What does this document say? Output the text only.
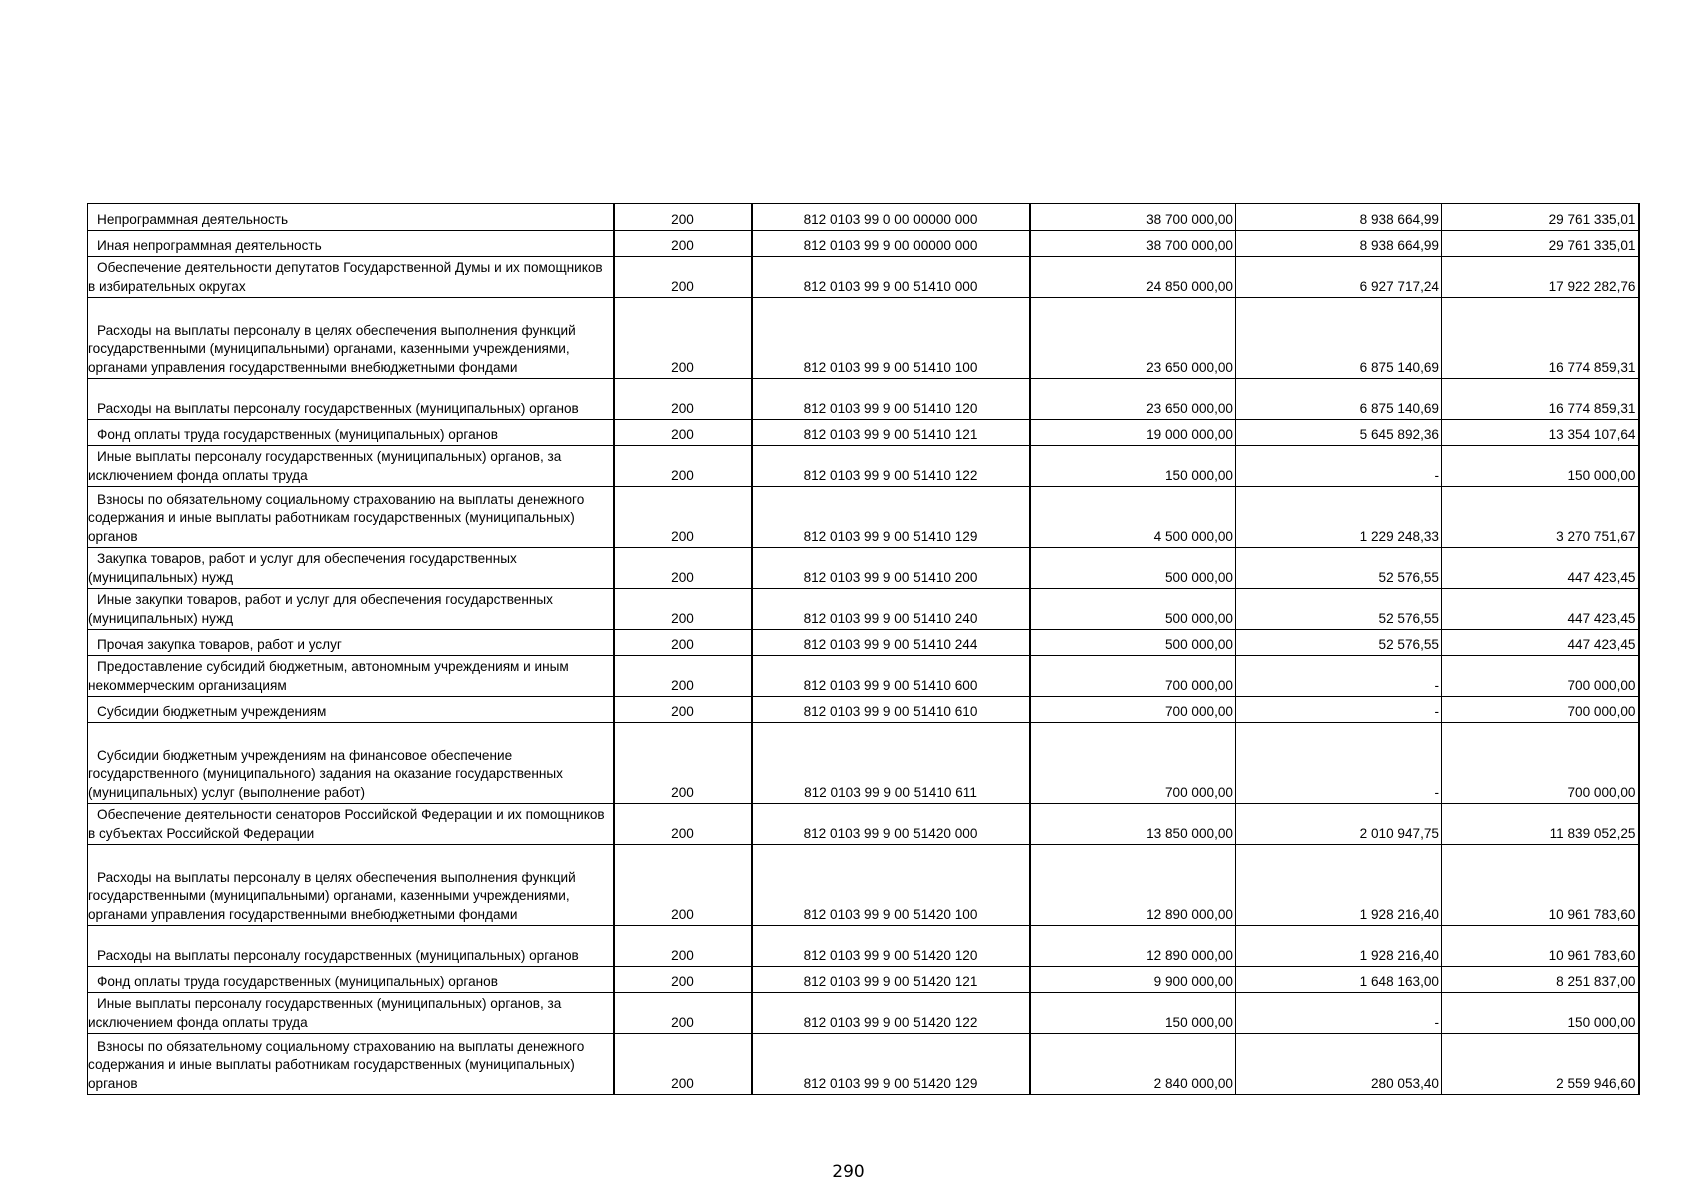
Непрограммная деятельность	200	812 0103 99 0 00 00000 000	38 700 000,00	8 938 664,99	29 761 335,01
Иная непрограммная деятельность	200	812 0103 99 9 00 00000 000	38 700 000,00	8 938 664,99	29 761 335,01
Обеспечение деятельности депутатов Государственной Думы и их помощников в избирательных округах	200	812 0103 99 9 00 51410 000	24 850 000,00	6 927 717,24	17 922 282,76
Расходы на выплаты персоналу в целях обеспечения выполнения функций государственными (муниципальными) органами, казенными учреждениями, органами управления государственными внебюджетными фондами	200	812 0103 99 9 00 51410 100	23 650 000,00	6 875 140,69	16 774 859,31
Расходы на выплаты персоналу государственных (муниципальных) органов	200	812 0103 99 9 00 51410 120	23 650 000,00	6 875 140,69	16 774 859,31
Фонд оплаты труда государственных (муниципальных) органов	200	812 0103 99 9 00 51410 121	19 000 000,00	5 645 892,36	13 354 107,64
Иные выплаты персоналу государственных (муниципальных) органов, за исключением фонда оплаты труда	200	812 0103 99 9 00 51410 122	150 000,00	-	150 000,00
Взносы по обязательному социальному страхованию на выплаты денежного содержания и иные выплаты работникам государственных (муниципальных) органов	200	812 0103 99 9 00 51410 129	4 500 000,00	1 229 248,33	3 270 751,67
Закупка товаров, работ и услуг для обеспечения государственных (муниципальных) нужд	200	812 0103 99 9 00 51410 200	500 000,00	52 576,55	447 423,45
Иные закупки товаров, работ и услуг для обеспечения государственных (муниципальных) нужд	200	812 0103 99 9 00 51410 240	500 000,00	52 576,55	447 423,45
Прочая закупка товаров, работ и услуг	200	812 0103 99 9 00 51410 244	500 000,00	52 576,55	447 423,45
Предоставление субсидий бюджетным, автономным учреждениям и иным некоммерческим организациям	200	812 0103 99 9 00 51410 600	700 000,00	-	700 000,00
Субсидии бюджетным учреждениям	200	812 0103 99 9 00 51410 610	700 000,00	-	700 000,00
Субсидии бюджетным учреждениям на финансовое обеспечение государственного (муниципального) задания на оказание государственных (муниципальных) услуг (выполнение работ)	200	812 0103 99 9 00 51410 611	700 000,00	-	700 000,00
Обеспечение деятельности сенаторов Российской Федерации и их помощников в субъектах Российской Федерации	200	812 0103 99 9 00 51420 000	13 850 000,00	2 010 947,75	11 839 052,25
Расходы на выплаты персоналу в целях обеспечения выполнения функций государственными (муниципальными) органами, казенными учреждениями, органами управления государственными внебюджетными фондами	200	812 0103 99 9 00 51420 100	12 890 000,00	1 928 216,40	10 961 783,60
Расходы на выплаты персоналу государственных (муниципальных) органов	200	812 0103 99 9 00 51420 120	12 890 000,00	1 928 216,40	10 961 783,60
Фонд оплаты труда государственных (муниципальных) органов	200	812 0103 99 9 00 51420 121	9 900 000,00	1 648 163,00	8 251 837,00
Иные выплаты персоналу государственных (муниципальных) органов, за исключением фонда оплаты труда	200	812 0103 99 9 00 51420 122	150 000,00	-	150 000,00
Взносы по обязательному социальному страхованию на выплаты денежного содержания и иные выплаты работникам государственных (муниципальных) органов	200	812 0103 99 9 00 51420 129	2 840 000,00	280 053,40	2 559 946,60
290
